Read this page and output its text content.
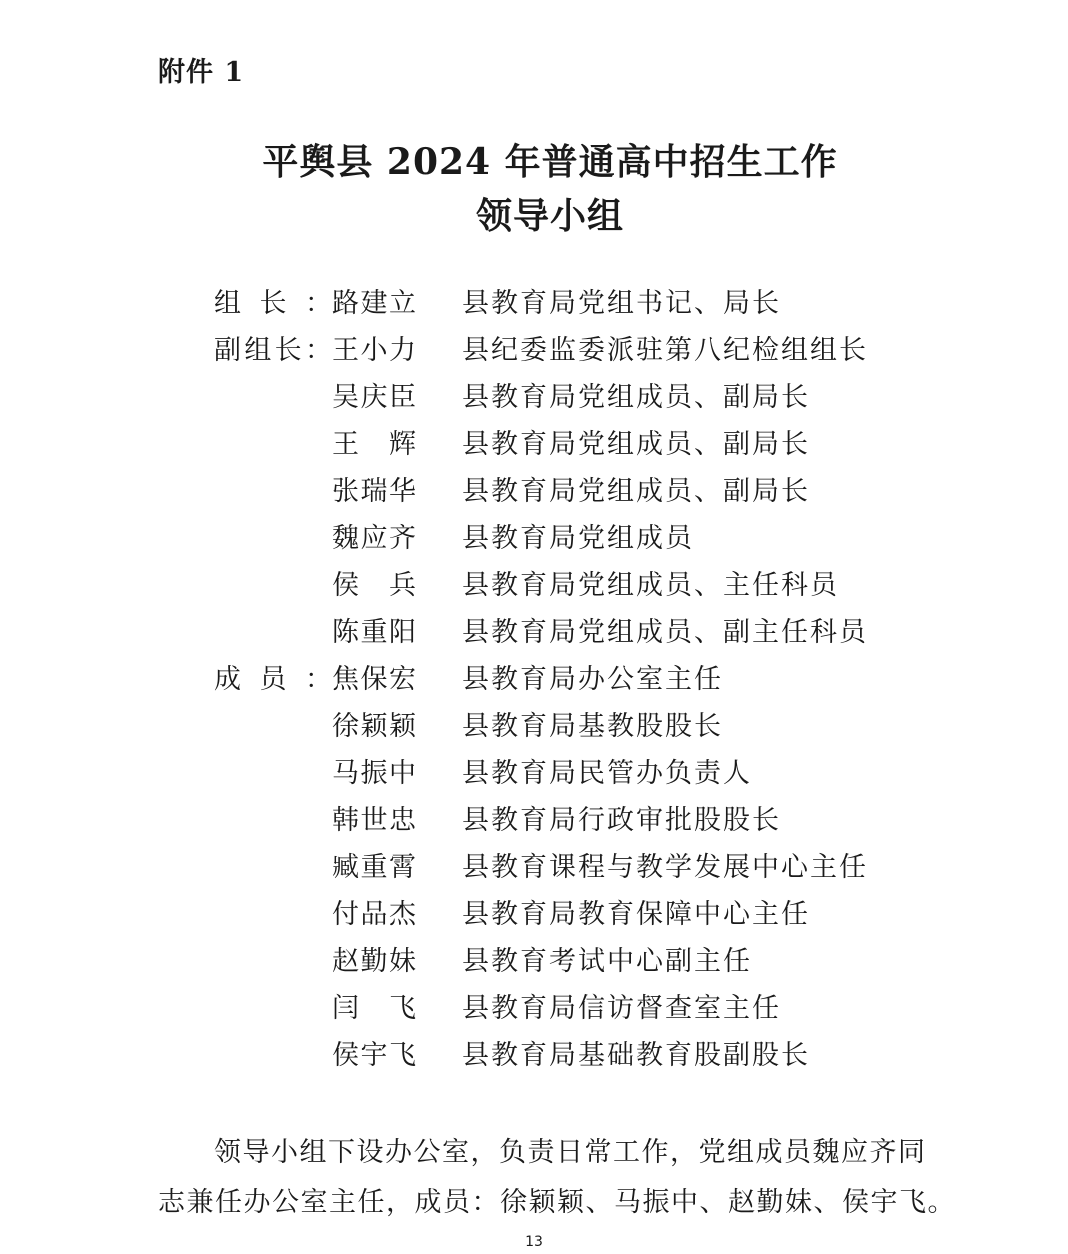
附件 1
平舆县 2024 年普通高中招生工作
领导小组
组长： 路建立 县教育局党组书记、局长
副组长： 王小力 县纪委监委派驻第八纪检组组长
吴庆臣 县教育局党组成员、副局长
王辉 县教育局党组成员、副局长
张瑞华 县教育局党组成员、副局长
魏应齐 县教育局党组成员
侯兵 县教育局党组成员、主任科员
陈重阳 县教育局党组成员、副主任科员
成员： 焦保宏 县教育局办公室主任
徐颖颖 县教育局基教股股长
马振中 县教育局民管办负责人
韩世忠 县教育局行政审批股股长
臧重霄 县教育课程与教学发展中心主任
付品杰 县教育局教育保障中心主任
赵勤妹 县教育考试中心副主任
闫飞 县教育局信访督查室主任
侯宇飞 县教育局基础教育股副股长
领导小组下设办公室，负责日常工作，党组成员魏应齐同
志兼任办公室主任，成员：徐颖颖、马振中、赵勤妹、侯宇飞。
13
